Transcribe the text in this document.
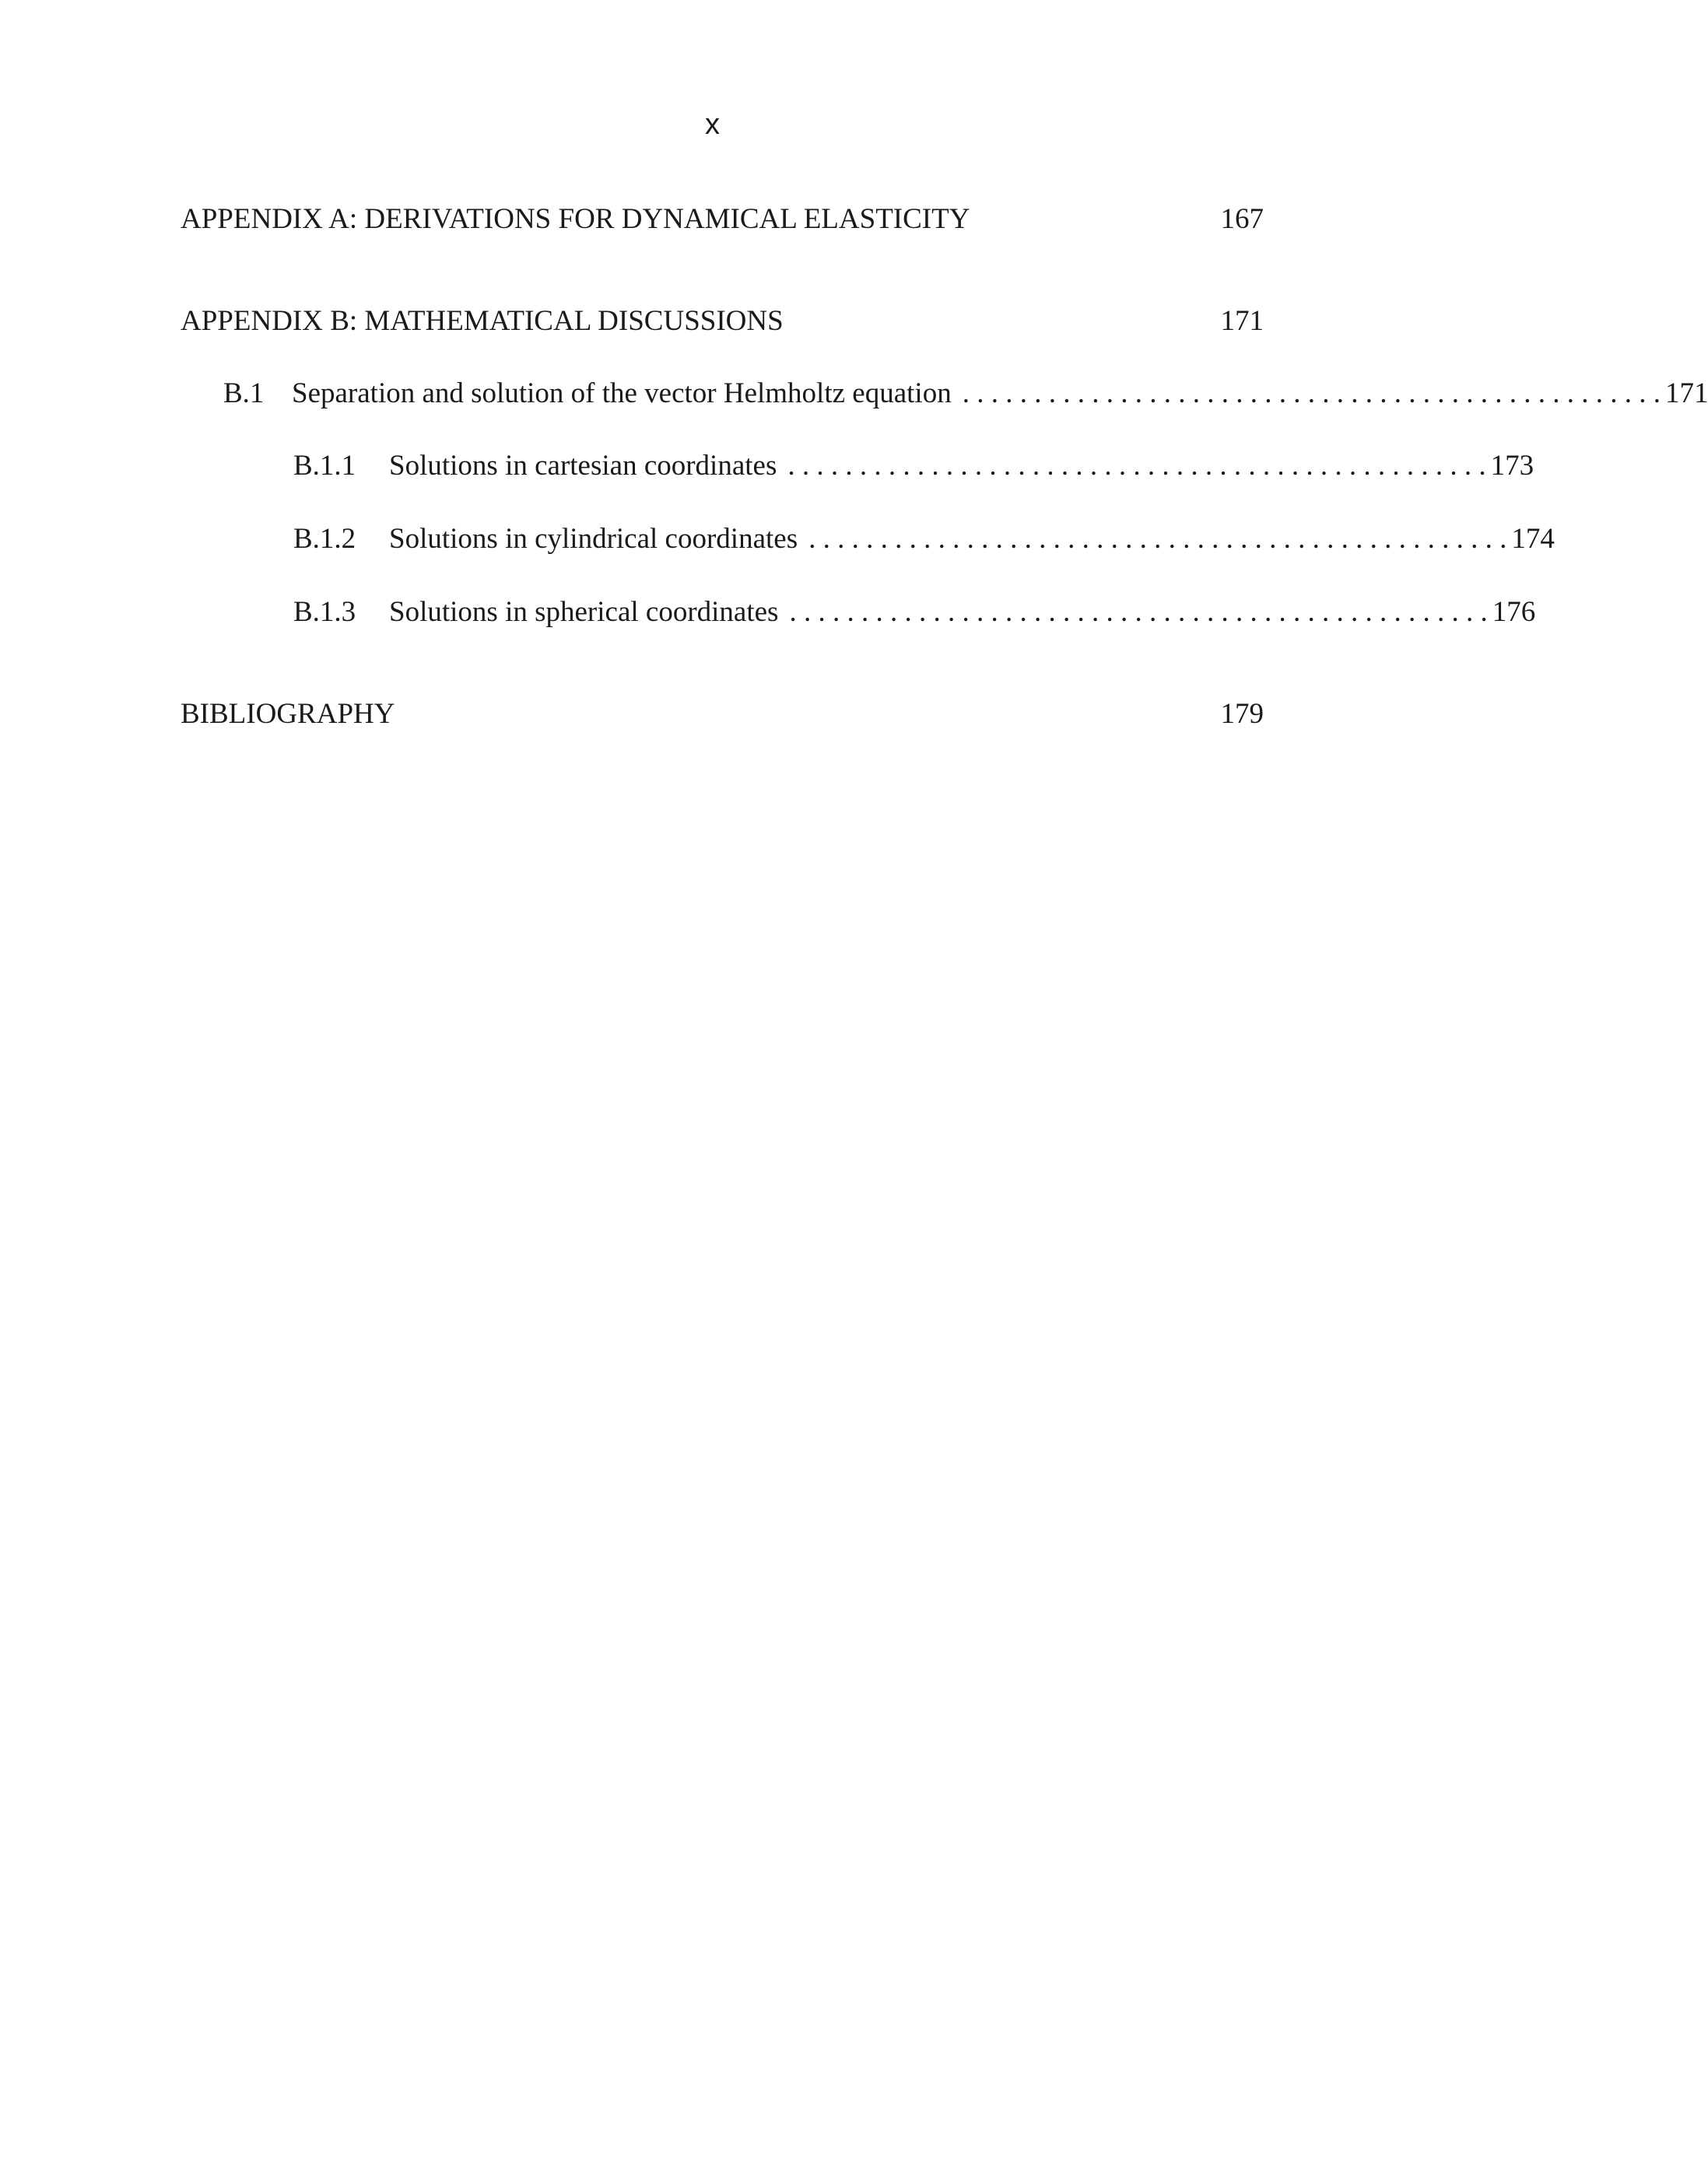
x
APPENDIX A: DERIVATIONS FOR DYNAMICAL ELASTICITY	167
APPENDIX B: MATHEMATICAL DISCUSSIONS	171
B.1 Separation and solution of the vector Helmholtz equation . . . . . . . . . . . . . . . . . . . . . . . . . . . . . . . . . . . . . . . . . . . . . . . . . 171
B.1.1	Solutions in cartesian coordinates . . . . . . . . . . . . . . . . . . . . . . . . . . . . . . . . . . . . . . . . . . . . . . . . . 173
B.1.2	Solutions in cylindrical coordinates . . . . . . . . . . . . . . . . . . . . . . . . . . . . . . . . . . . . . . . . . . . . . . . . . 174
B.1.3	Solutions in spherical coordinates . . . . . . . . . . . . . . . . . . . . . . . . . . . . . . . . . . . . . . . . . . . . . . . . . 176
BIBLIOGRAPHY	179
